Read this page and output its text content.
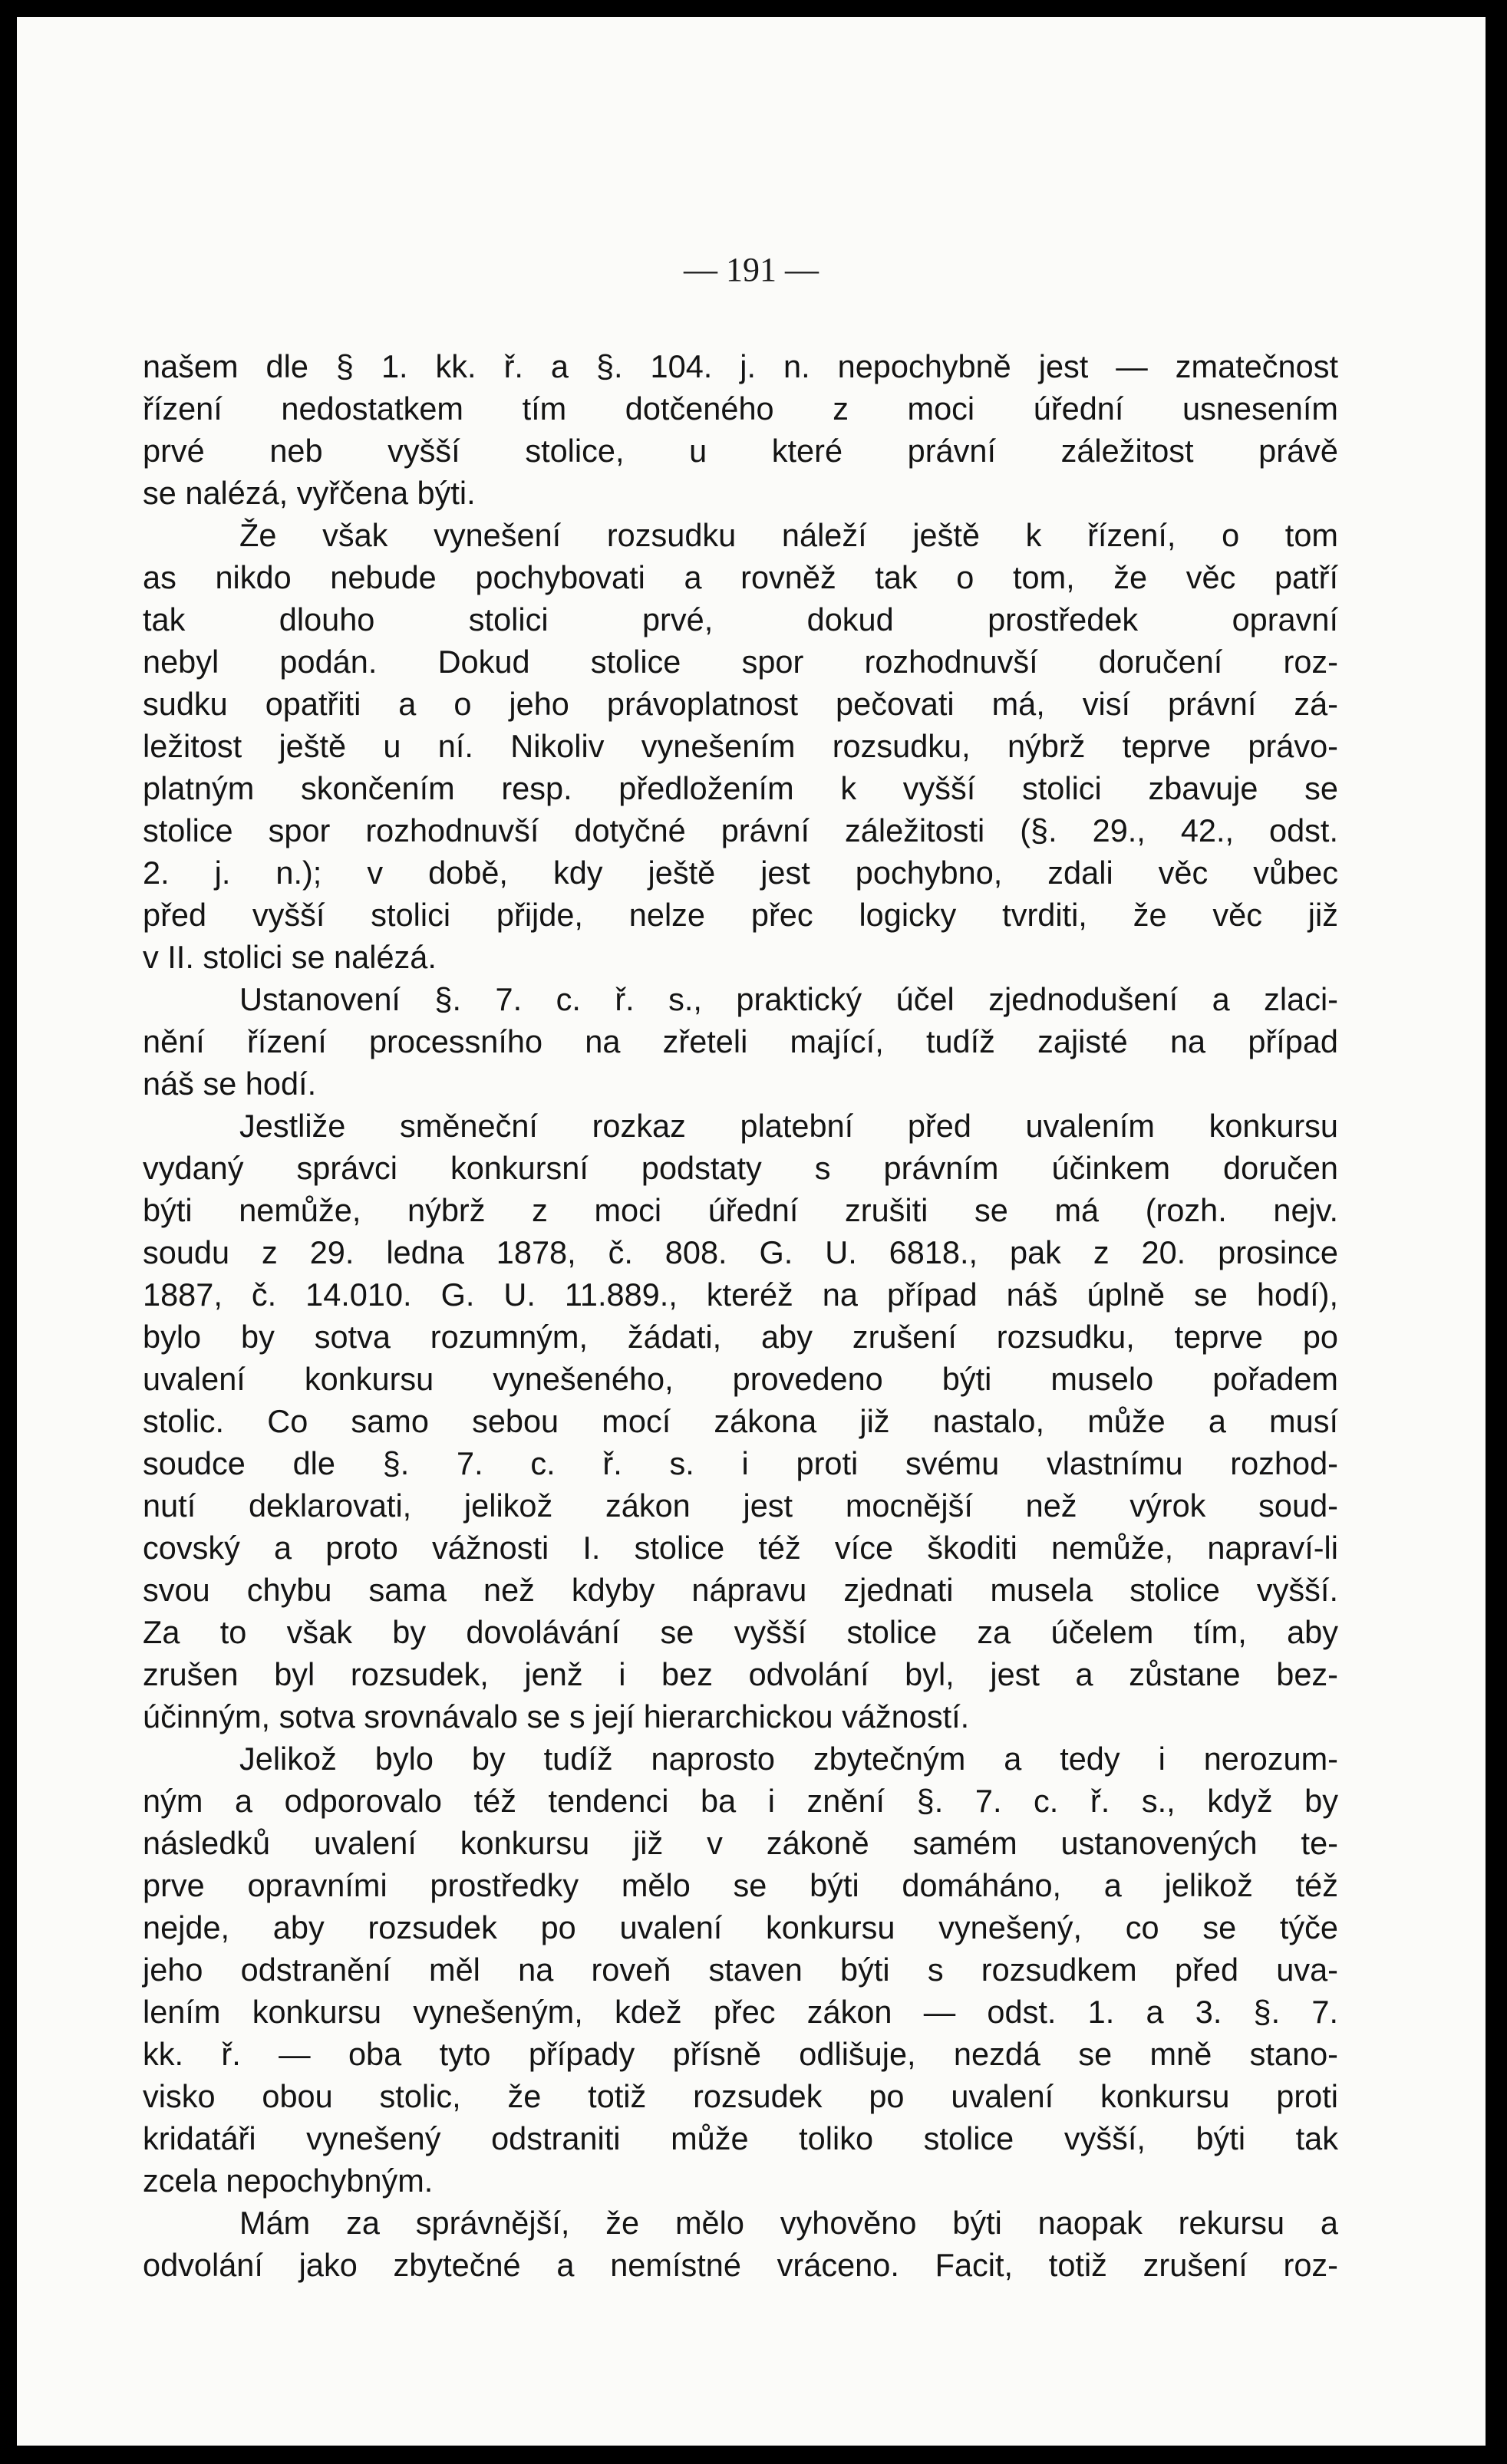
— 191 —

našem dle § 1. kk. ř. a §. 104. j. n. nepochybně jest — zmatečnost
řízení nedostatkem tím dotčeného z moci úřední usnesením
prvé neb vyšší stolice, u které právní záležitost právě
se nalézá, vyřčena býti.
Že však vynešení rozsudku náleží ještě k řízení, o tom
as nikdo nebude pochybovati a rovněž tak o tom, že věc patří
tak dlouho stolici prvé, dokud prostředek opravní
nebyl podán. Dokud stolice spor rozhodnuvší doručení roz-
sudku opatřiti a o jeho právoplatnost pečovati má, visí právní zá-
ležitost ještě u ní. Nikoliv vynešením rozsudku, nýbrž teprve právo-
platným skončením resp. předložením k vyšší stolici zbavuje se
stolice spor rozhodnuvší dotyčné právní záležitosti (§. 29., 42., odst.
2. j. n.); v době, kdy ještě jest pochybno, zdali věc vůbec
před vyšší stolici přijde, nelze přec logicky tvrditi, že věc již
v II. stolici se nalézá.
Ustanovení §. 7. c. ř. s., praktický účel zjednodušení a zlaci-
nění řízení processního na zřeteli mající, tudíž zajisté na případ
náš se hodí.
Jestliže směneční rozkaz platební před uvalením konkursu
vydaný správci konkursní podstaty s právním účinkem doručen
býti nemůže, nýbrž z moci úřední zrušiti se má (rozh. nejv.
soudu z 29. ledna 1878, č. 808. G. U. 6818., pak z 20. prosince
1887, č. 14.010. G. U. 11.889., kteréž na případ náš úplně se hodí),
bylo by sotva rozumným, žádati, aby zrušení rozsudku, teprve po
uvalení konkursu vynešeného, provedeno býti muselo pořadem
stolic. Co samo sebou mocí zákona již nastalo, může a musí
soudce dle §. 7. c. ř. s. i proti svému vlastnímu rozhod-
nutí deklarovati, jelikož zákon jest mocnější než výrok soud-
covský a proto vážnosti I. stolice též více škoditi nemůže, napraví-li
svou chybu sama než kdyby nápravu zjednati musela stolice vyšší.
Za to však by dovolávání se vyšší stolice za účelem tím, aby
zrušen byl rozsudek, jenž i bez odvolání byl, jest a zůstane bez-
účinným, sotva srovnávalo se s její hierarchickou vážností.
Jelikož bylo by tudíž naprosto zbytečným a tedy i nerozum-
ným a odporovalo též tendenci ba i znění §. 7. c. ř. s., když by
následků uvalení konkursu již v zákoně samém ustanovených te-
prve opravními prostředky mělo se býti domáháno, a jelikož též
nejde, aby rozsudek po uvalení konkursu vynešený, co se týče
jeho odstranění měl na roveň staven býti s rozsudkem před uva-
lením konkursu vynešeným, kdež přec zákon — odst. 1. a 3. §. 7.
kk. ř. — oba tyto případy přísně odlišuje, nezdá se mně stano-
visko obou stolic, že totiž rozsudek po uvalení konkursu proti
kridatáři vynešený odstraniti může toliko stolice vyšší, býti tak
zcela nepochybným.
Mám za správnější, že mělo vyhověno býti naopak rekursu a
odvolání jako zbytečné a nemístné vráceno. Facit, totiž zrušení roz-
